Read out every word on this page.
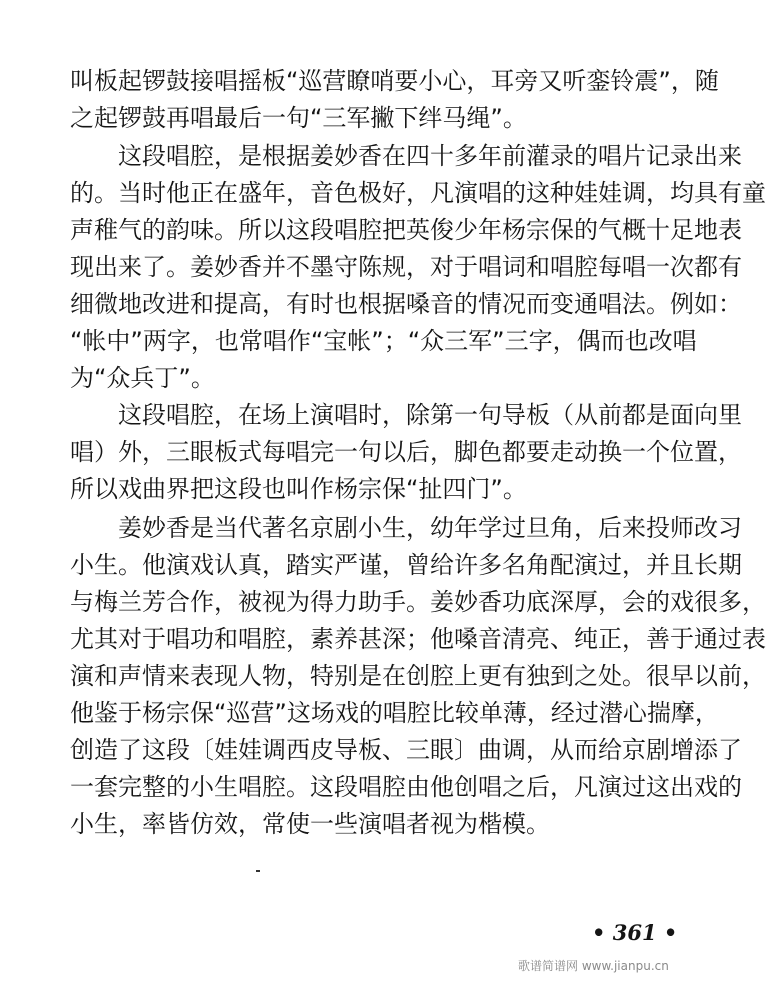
叫板起锣鼓接唱摇板“巡营瞭哨要小心，耳旁又听銮铃震”，随
之起锣鼓再唱最后一句“三军撇下绊马绳”。
这段唱腔，是根据姜妙香在四十多年前灌录的唱片记录出来
的。当时他正在盛年，音色极好，凡演唱的这种娃娃调，均具有童
声稚气的韵味。所以这段唱腔把英俊少年杨宗保的气概十足地表
现出来了。姜妙香并不墨守陈规，对于唱词和唱腔每唱一次都有
细微地改进和提高，有时也根据嗓音的情况而变通唱法。例如：
“帐中”两字，也常唱作“宝帐”；“众三军”三字，偶而也改唱
为“众兵丁”。
这段唱腔，在场上演唱时，除第一句导板（从前都是面向里
唱）外，三眼板式每唱完一句以后，脚色都要走动换一个位置，
所以戏曲界把这段也叫作杨宗保“扯四门”。
姜妙香是当代著名京剧小生，幼年学过旦角，后来投师改习
小生。他演戏认真，踏实严谨，曾给许多名角配演过，并且长期
与梅兰芳合作，被视为得力助手。姜妙香功底深厚，会的戏很多，
尤其对于唱功和唱腔，素养甚深；他嗓音清亮、纯正，善于通过表
演和声情来表现人物，特别是在创腔上更有独到之处。很早以前，
他鉴于杨宗保“巡营”这场戏的唱腔比较单薄，经过潜心揣摩，
创造了这段〔娃娃调西皮导板、三眼〕曲调，从而给京剧增添了
一套完整的小生唱腔。这段唱腔由他创唱之后，凡演过这出戏的
小生，率皆仿效，常使一些演唱者视为楷模。
• 361 •
歌谱简谱网 www.jianpu.cn
